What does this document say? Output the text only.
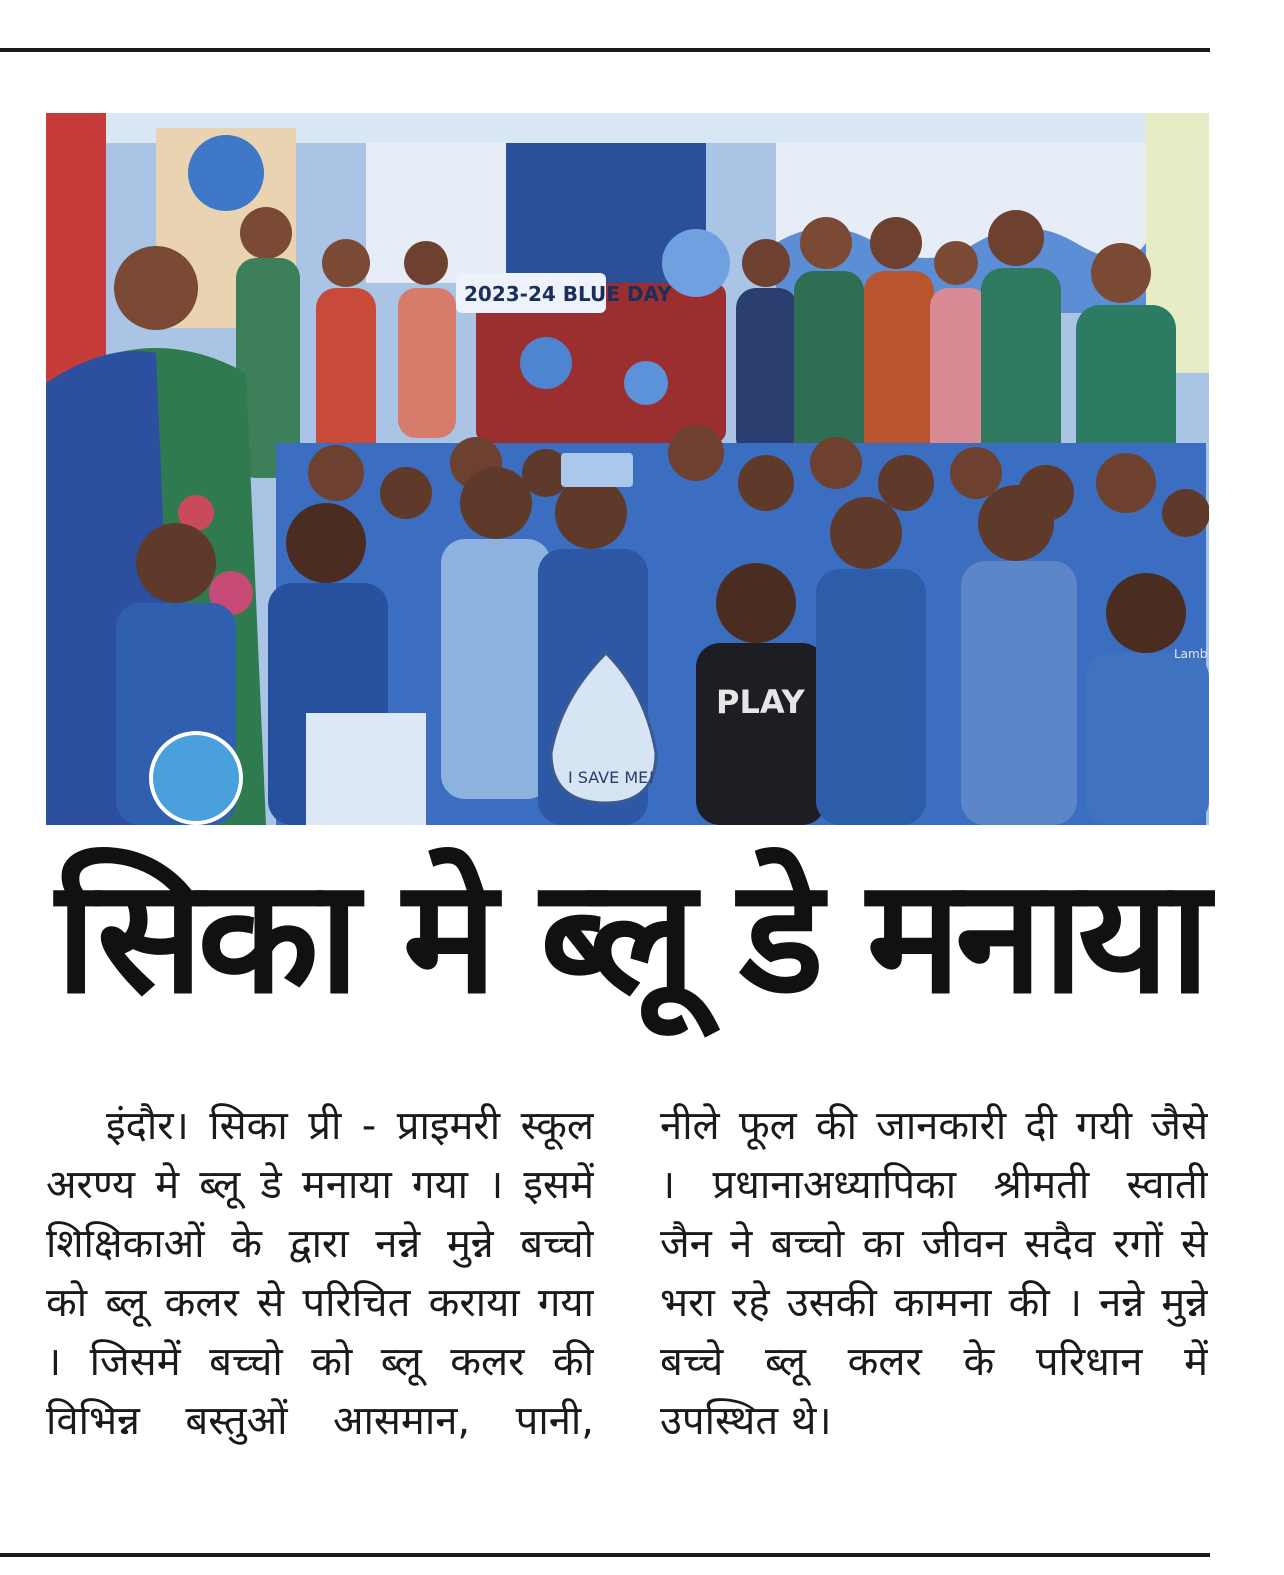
2023-24 BLUE DAY
I SAVE ME!
PLAY
Lamb
सिका मे ब्लू डे मनाया
इंदौर। सिका प्री - प्राइमरी स्कूल
अरण्य मे ब्लू डे मनाया गया । इसमें
शिक्षिकाओं के द्वारा नन्ने मुन्ने बच्चो
को ब्लू कलर से परिचित कराया गया
। जिसमें बच्चो को ब्लू कलर की
विभिन्न बस्तुओं आसमान, पानी,
नीले फूल की जानकारी दी गयी जैसे
। प्रधानाअध्यापिका श्रीमती स्वाती
जैन ने बच्चो का जीवन सदैव रगों से
भरा रहे उसकी कामना की । नन्ने मुन्ने
बच्चे ब्लू कलर के परिधान में
उपस्थित थे।
